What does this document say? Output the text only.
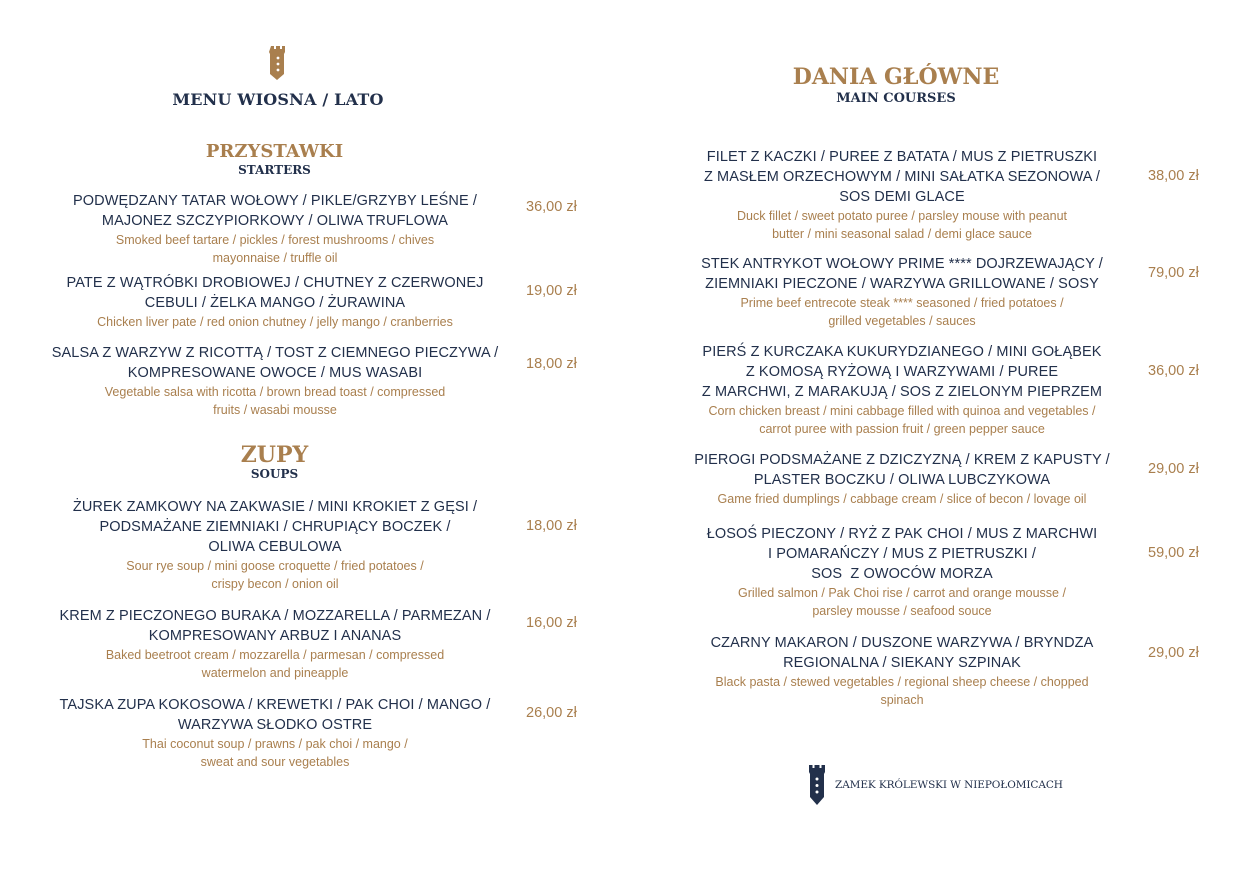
MENU WIOSNA / LATO
PRZYSTAWKI
STARTERS
PODWĘDZANY TATAR WOŁOWY / PIKLE/GRZYBY LEŚNE /
MAJONEZ SZCZYPIORKOWY / OLIWA TRUFLOWA
Smoked beef tartare / pickles / forest mushrooms / chives
mayonnaise / truffle oil
36,00 zł
PATE Z WĄTRÓBKI DROBIOWEJ / CHUTNEY Z CZERWONEJ
CEBULI / ŻELKA MANGO / ŻURAWINA
Chicken liver pate / red onion chutney / jelly mango / cranberries
19,00 zł
SALSA Z WARZYW Z RICOTTĄ / TOST Z CIEMNEGO PIECZYWA /
KOMPRESOWANE OWOCE / MUS WASABI
Vegetable salsa with ricotta / brown bread toast / compressed
fruits / wasabi mousse
18,00 zł
ZUPY
SOUPS
ŻUREK ZAMKOWY NA ZAKWASIE / MINI KROKIET Z GĘSI /
PODSMAŻANE ZIEMNIAKI / CHRUPIĄCY BOCZEK /
OLIWA CEBULOWA
Sour rye soup / mini goose croquette / fried potatoes /
crispy becon / onion oil
18,00 zł
KREM Z PIECZONEGO BURAKA / MOZZARELLA / PARMEZAN /
KOMPRESOWANY ARBUZ I ANANAS
Baked beetroot cream / mozzarella / parmesan / compressed
watermelon and pineapple
16,00 zł
TAJSKA ZUPA KOKOSOWA / KREWETKI / PAK CHOI / MANGO /
WARZYWA SŁODKO OSTRE
Thai coconut soup / prawns / pak choi / mango /
sweat and sour vegetables
26,00 zł
DANIA GŁÓWNE
MAIN COURSES
FILET Z KACZKI / PUREE Z BATATA / MUS Z PIETRUSZKI
Z MASŁEM ORZECHOWYM / MINI SAŁATKA SEZONOWA /
SOS DEMI GLACE
Duck fillet / sweet potato puree / parsley mouse with peanut
butter / mini seasonal salad / demi glace sauce
38,00 zł
STEK ANTRYKOT WOŁOWY PRIME **** DOJRZEWAJĄCY /
ZIEMNIAKI PIECZONE / WARZYWA GRILLOWANE / SOSY
Prime beef entrecote steak **** seasoned / fried potatoes /
grilled vegetables / sauces
79,00 zł
PIERŚ Z KURCZAKA KUKURYDZIANEGO / MINI GOŁĄBEK
Z KOMOSĄ RYŻOWĄ I WARZYWAMI / PUREE
Z MARCHWI, Z MARAKUJĄ / SOS Z ZIELONYM PIEPRZEM
Corn chicken breast / mini cabbage filled with quinoa and vegetables /
carrot puree with passion fruit / green pepper sauce
36,00 zł
PIEROGI PODSMAŻANE Z DZICZYZNĄ / KREM Z KAPUSTY /
PLASTER BOCZKU / OLIWA LUBCZYKOWA
Game fried dumplings / cabbage cream / slice of becon / lovage oil
29,00 zł
ŁOSOŚ PIECZONY / RYŻ Z PAK CHOI / MUS Z MARCHWI
I POMARAŃCZY / MUS Z PIETRUSZKI /
SOS  Z OWOCÓW MORZA
Grilled salmon / Pak Choi rise / carrot and orange mousse /
parsley mousse / seafood souce
59,00 zł
CZARNY MAKARON / DUSZONE WARZYWA / BRYNDZA
REGIONALNA / SIEKANY SZPINAK
Black pasta / stewed vegetables / regional sheep cheese / chopped
spinach
29,00 zł
ZAMEK KRÓLEWSKI W NIEPOŁOMICACH
